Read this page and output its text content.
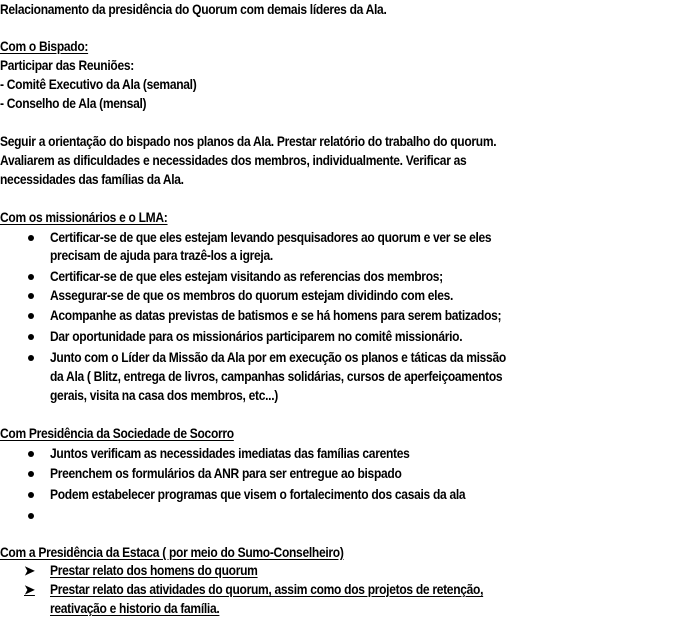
Relacionamento da presidência do Quorum com demais líderes da Ala.
Com o Bispado:
Participar das Reuniões:
- Comitê Executivo da Ala (semanal)
- Conselho de Ala (mensal)
Seguir a orientação do bispado nos planos da Ala. Prestar relatório do trabalho do quorum.
Avaliarem as dificuldades e necessidades dos membros, individualmente. Verificar as
necessidades das famílias da Ala.
Com os missionários e o LMA:
Certificar-se de que eles estejam levando pesquisadores ao quorum e ver se eles
precisam de ajuda para trazê-los a igreja.
Certificar-se de que eles estejam visitando as referencias dos membros;
Assegurar-se de que os membros do quorum estejam dividindo com eles.
Acompanhe as datas previstas de batismos e se há homens para serem batizados;
Dar oportunidade para os missionários participarem no comitê missionário.
Junto com o Líder da Missão da Ala por em execução os planos e táticas da missão
da Ala ( Blitz, entrega de livros, campanhas solidárias, cursos de aperfeiçoamentos
gerais, visita na casa dos membros, etc...)
Com Presidência da Sociedade de Socorro
Juntos verificam as necessidades imediatas das famílias carentes
Preenchem os formulários da ANR para ser entregue ao bispado
Podem estabelecer programas que visem o fortalecimento dos casais da ala
Com a Presidência da Estaca ( por meio do Sumo-Conselheiro)
➤ Prestar relato dos homens do quorum
➤ Prestar relato das atividades do quorum, assim como dos projetos de retenção,
reativação e historio da família.
